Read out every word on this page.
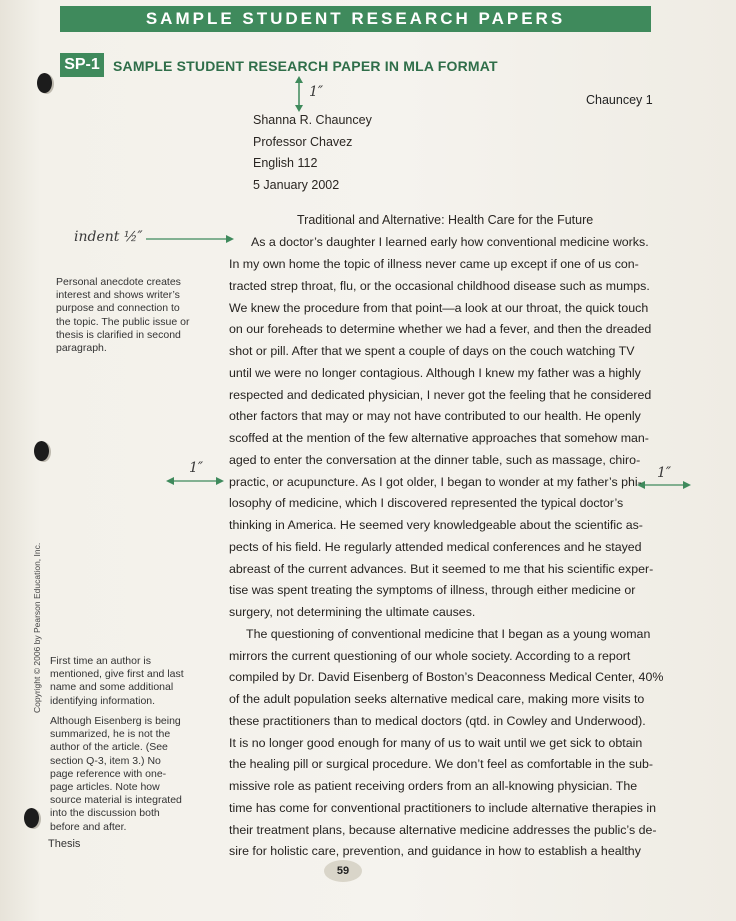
SAMPLE STUDENT RESEARCH PAPERS
SP-1 SAMPLE STUDENT RESEARCH PAPER IN MLA FORMAT
1″	Chauncey 1
Shanna R. Chauncey
Professor Chavez
English 112
5 January 2002
Traditional and Alternative: Health Care for the Future
indent ½″
1″	1″
As a doctor’s daughter I learned early how conventional medicine works.
In my own home the topic of illness never came up except if one of us con-
tracted strep throat, flu, or the occasional childhood disease such as mumps.
We knew the procedure from that point—a look at our throat, the quick touch
on our foreheads to determine whether we had a fever, and then the dreaded
shot or pill. After that we spent a couple of days on the couch watching TV
until we were no longer contagious. Although I knew my father was a highly
respected and dedicated physician, I never got the feeling that he considered
other factors that may or may not have contributed to our health. He openly
scoffed at the mention of the few alternative approaches that somehow man-
aged to enter the conversation at the dinner table, such as massage, chiro-
practic, or acupuncture. As I got older, I began to wonder at my father’s phi-
losophy of medicine, which I discovered represented the typical doctor’s
thinking in America. He seemed very knowledgeable about the scientific as-
pects of his field. He regularly attended medical conferences and he stayed
abreast of the current advances. But it seemed to me that his scientific exper-
tise was spent treating the symptoms of illness, through either medicine or
surgery, not determining the ultimate causes.
The questioning of conventional medicine that I began as a young woman
mirrors the current questioning of our whole society. According to a report
compiled by Dr. David Eisenberg of Boston’s Deaconness Medical Center, 40%
of the adult population seeks alternative medical care, making more visits to
these practitioners than to medical doctors (qtd. in Cowley and Underwood).
It is no longer good enough for many of us to wait until we get sick to obtain
the healing pill or surgical procedure. We don’t feel as comfortable in the sub-
missive role as patient receiving orders from an all-knowing physician. The
time has come for conventional practitioners to include alternative therapies in
their treatment plans, because alternative medicine addresses the public’s de-
sire for holistic care, prevention, and guidance in how to establish a healthy
Personal anecdote creates
interest and shows writer’s
purpose and connection to
the topic. The public issue or
thesis is clarified in second
paragraph.
First time an author is
mentioned, give first and last
name and some additional
identifying information.
Although Eisenberg is being
summarized, he is not the
author of the article. (See
section Q-3, item 3.) No
page reference with one-
page articles. Note how
source material is integrated
into the discussion both
before and after.
Thesis
Copyright © 2006 by Pearson Education, Inc.
59
